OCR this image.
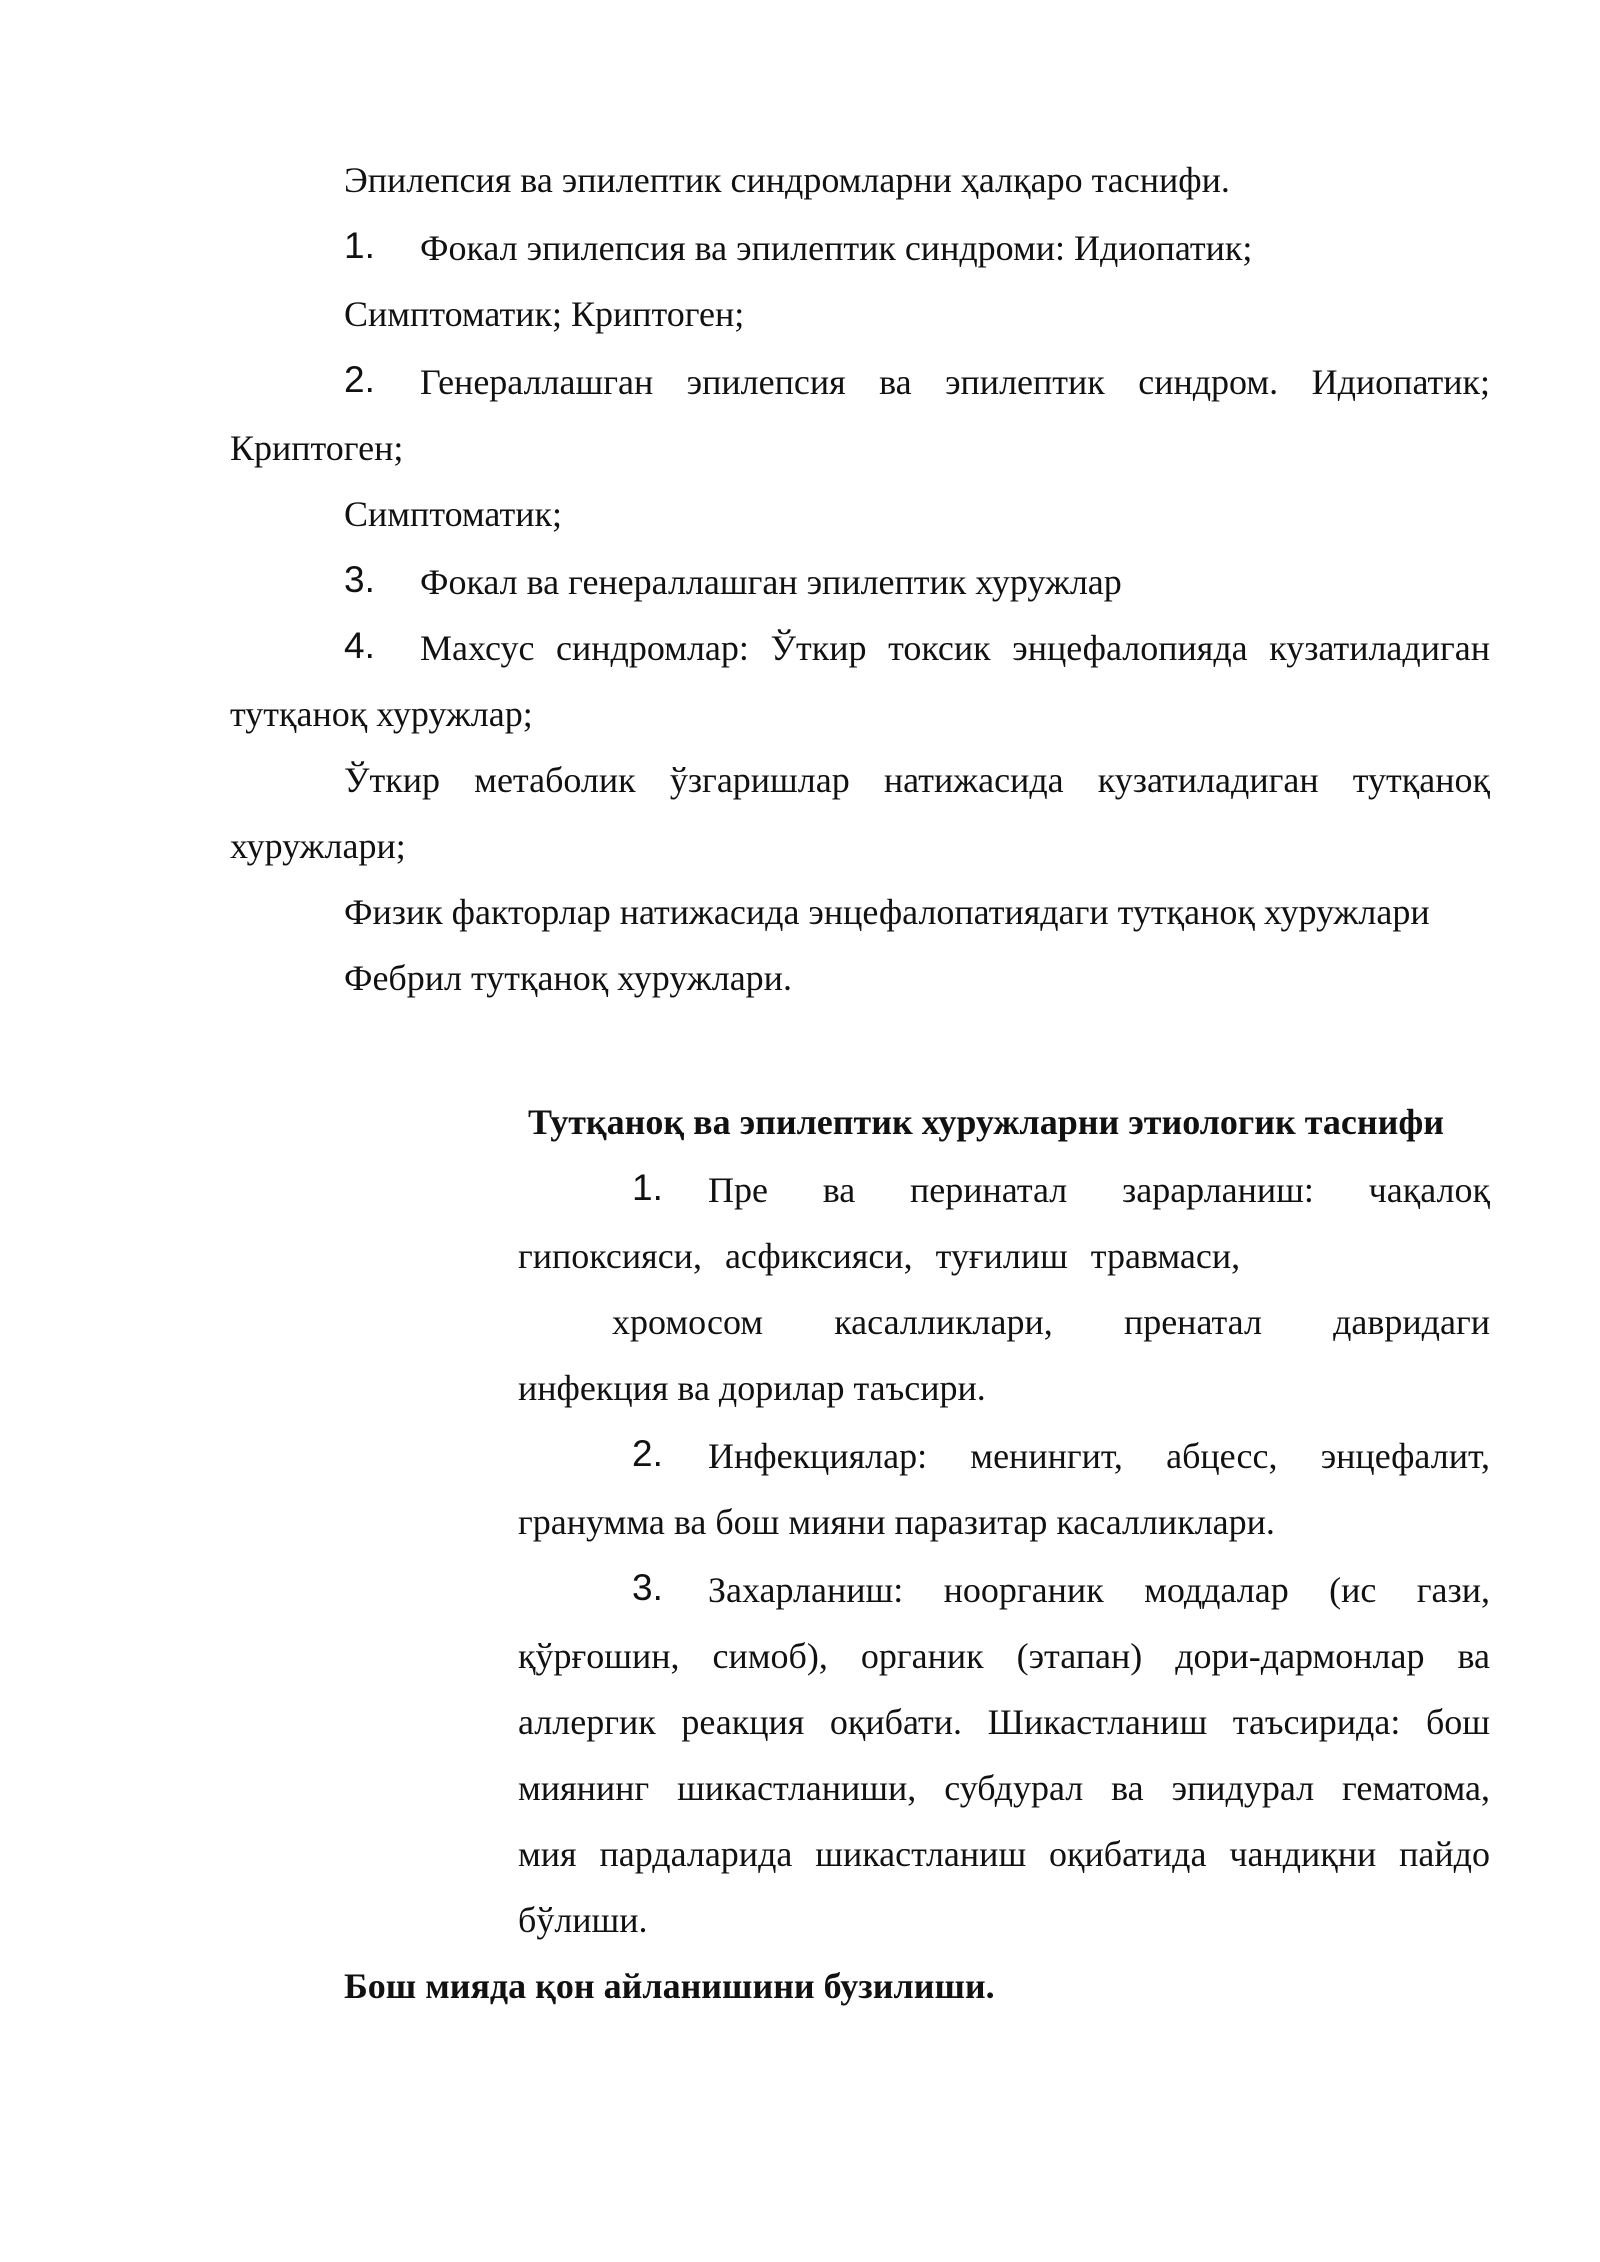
Эпилепсия ва эпилептик синдромларни ҳалқаро таснифи.
1. Фокал эпилепсия ва эпилептик синдроми: Идиопатик;
Симптоматик; Криптоген;
2. Генераллашган эпилепсия ва эпилептик синдром. Идиопатик;
Криптоген;
Симптоматик;
3. Фокал ва генераллашган эпилептик хуружлар
4. Махсус синдромлар: Ўткир токсик энцефалопияда кузатиладиган
тутқаноқ хуружлар;
Ўткир метаболик ўзгаришлар натижасида кузатиладиган тутқаноқ
хуружлари;
Физик факторлар натижасида энцефалопатиядаги тутқаноқ хуружлари
Фебрил тутқаноқ хуружлари.
Тутқаноқ ва эпилептик хуружларни этиологик таснифи
1. Пре ва перинатал зарарланиш: чақалоқ
гипоксияси, асфиксияси, туғилиш травмаси,
хромосом касалликлари, пренатал давридаги
инфекция ва дорилар таъсири.
2. Инфекциялар: менингит, абцесс, энцефалит,
гранумма ва бош мияни паразитар касалликлари.
3. Захарланиш: ноорганик моддалар (ис гази,
қўрғошин, симоб), органик (этапан) дори-дармонлар ва
аллергик реакция оқибати. Шикастланиш таъсирида: бош
миянинг шикастланиши, субдурал ва эпидурал гематома,
мия пардаларида шикастланиш оқибатида чандиқни пайдо
бўлиши.
Бош мияда қон айланишини бузилиши.
